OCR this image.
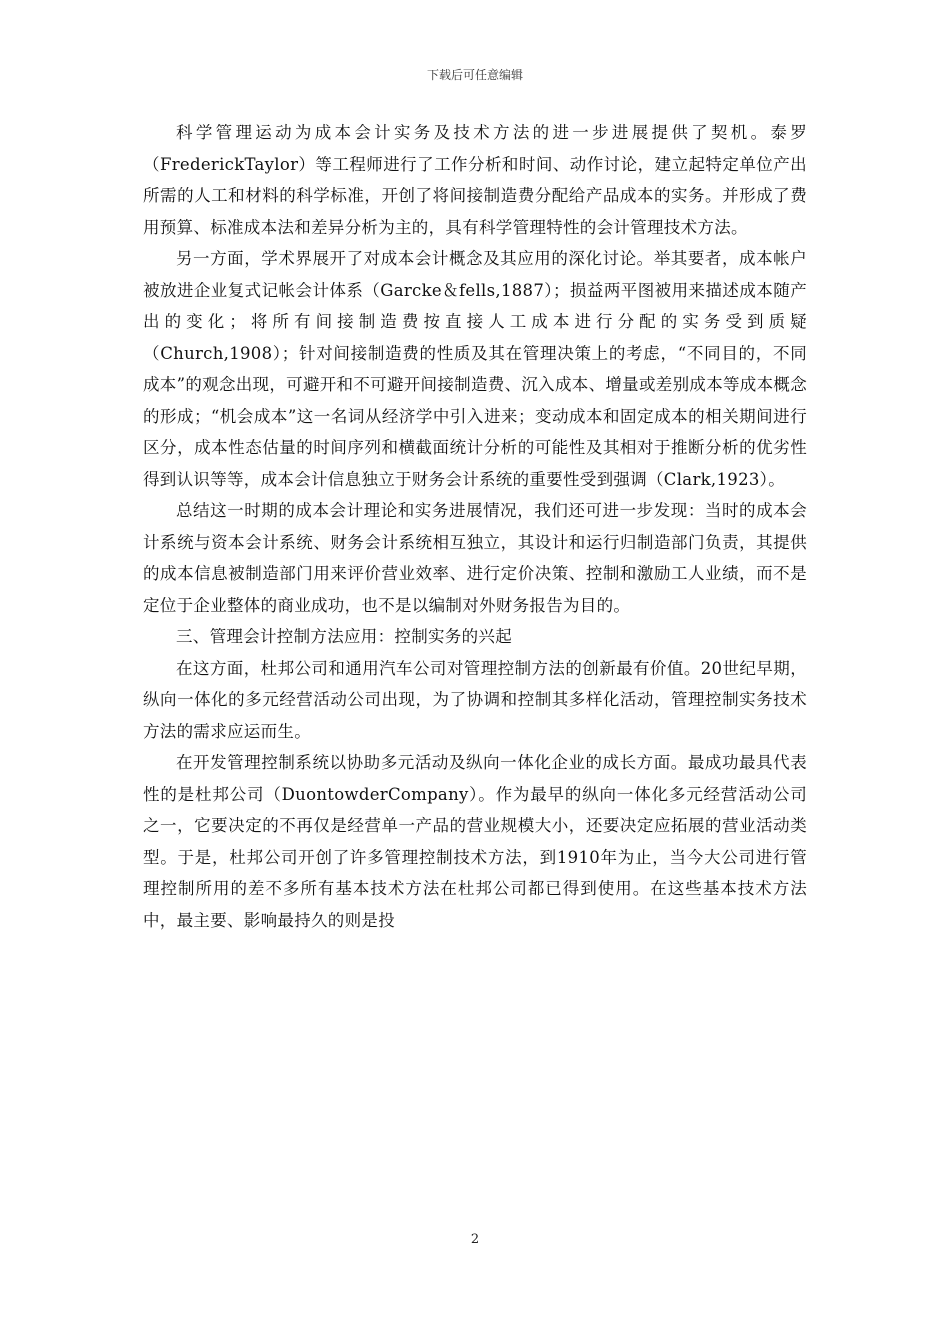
下载后可任意编辑

科学管理运动为成本会计实务及技术方法的进一步进展提供了契机。泰罗（FrederickTaylor）等工程师进行了工作分析和时间、动作讨论，建立起特定单位产出所需的人工和材料的科学标准，开创了将间接制造费分配给产品成本的实务。并形成了费用预算、标准成本法和差异分析为主的，具有科学管理特性的会计管理技术方法。

另一方面，学术界展开了对成本会计概念及其应用的深化讨论。举其要者，成本帐户被放进企业复式记帐会计体系（Garcke＆fells,1887）；损益两平图被用来描述成本随产出的变化；将所有间接制造费按直接人工成本进行分配的实务受到质疑（Church,1908）；针对间接制造费的性质及其在管理决策上的考虑，“不同目的，不同成本”的观念出现，可避开和不可避开间接制造费、沉入成本、增量或差别成本等成本概念的形成；“机会成本”这一名词从经济学中引入进来；变动成本和固定成本的相关期间进行区分，成本性态估量的时间序列和横截面统计分析的可能性及其相对于推断分析的优劣性得到认识等等，成本会计信息独立于财务会计系统的重要性受到强调（Clark,1923）。

总结这一时期的成本会计理论和实务进展情况，我们还可进一步发现：当时的成本会计系统与资本会计系统、财务会计系统相互独立，其设计和运行归制造部门负责，其提供的成本信息被制造部门用来评价营业效率、进行定价决策、控制和激励工人业绩，而不是定位于企业整体的商业成功，也不是以编制对外财务报告为目的。

三、管理会计控制方法应用：控制实务的兴起

在这方面，杜邦公司和通用汽车公司对管理控制方法的创新最有价值。20世纪早期，纵向一体化的多元经营活动公司出现，为了协调和控制其多样化活动，管理控制实务技术方法的需求应运而生。

在开发管理控制系统以协助多元活动及纵向一体化企业的成长方面。最成功最具代表性的是杜邦公司（DuontowderCompany）。作为最早的纵向一体化多元经营活动公司之一，它要决定的不再仅是经营单一产品的营业规模大小，还要决定应拓展的营业活动类型。于是，杜邦公司开创了许多管理控制技术方法，到1910年为止，当今大公司进行管理控制所用的差不多所有基本技术方法在杜邦公司都已得到使用。在这些基本技术方法中，最主要、影响最持久的则是投

2
